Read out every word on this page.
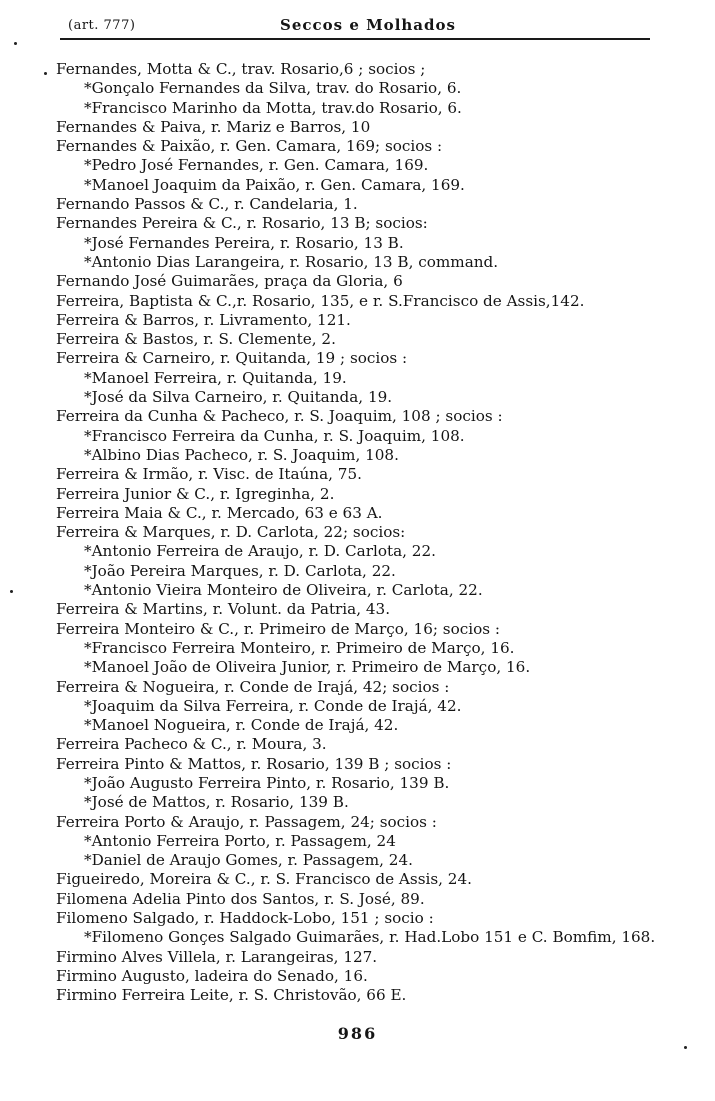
(art. 777)	Seccos e Molhados
Fernandes, Motta & C., trav. Rosario,6 ; socios ;
*Gonçalo Fernandes da Silva, trav. do Rosario, 6.
*Francisco Marinho da Motta, trav.do Rosario, 6.
Fernandes & Paiva, r. Mariz e Barros, 10
Fernandes & Paixão, r. Gen. Camara, 169; socios :
*Pedro José Fernandes, r. Gen. Camara, 169.
*Manoel Joaquim da Paixão, r. Gen. Camara, 169.
Fernando Passos & C., r. Candelaria, 1.
Fernandes Pereira & C., r. Rosario, 13 B; socios:
*José Fernandes Pereira, r. Rosario, 13 B.
*Antonio Dias Larangeira, r. Rosario, 13 B, command.
Fernando José Guimarães, praça da Gloria, 6
Ferreira, Baptista & C.,r. Rosario, 135, e r. S.Francisco de Assis,142.
Ferreira & Barros, r. Livramento, 121.
Ferreira & Bastos, r. S. Clemente, 2.
Ferreira & Carneiro, r. Quitanda, 19 ; socios :
*Manoel Ferreira, r. Quitanda, 19.
*José da Silva Carneiro, r. Quitanda, 19.
Ferreira da Cunha & Pacheco, r. S. Joaquim, 108 ; socios :
*Francisco Ferreira da Cunha, r. S. Joaquim, 108.
*Albino Dias Pacheco, r. S. Joaquim, 108.
Ferreira & Irmão, r. Visc. de Itaúna, 75.
Ferreira Junior & C., r. Igreginha, 2.
Ferreira Maia & C., r. Mercado, 63 e 63 A.
Ferreira & Marques, r. D. Carlota, 22; socios:
*Antonio Ferreira de Araujo, r. D. Carlota, 22.
*João Pereira Marques, r. D. Carlota, 22.
*Antonio Vieira Monteiro de Oliveira, r. Carlota, 22.
Ferreira & Martins, r. Volunt. da Patria, 43.
Ferreira Monteiro & C., r. Primeiro de Março, 16; socios :
*Francisco Ferreira Monteiro, r. Primeiro de Março, 16.
*Manoel João de Oliveira Junior, r. Primeiro de Março, 16.
Ferreira & Nogueira, r. Conde de Irajá, 42; socios :
*Joaquim da Silva Ferreira, r. Conde de Irajá, 42.
*Manoel Nogueira, r. Conde de Irajá, 42.
Ferreira Pacheco & C., r. Moura, 3.
Ferreira Pinto & Mattos, r. Rosario, 139 B ; socios :
*João Augusto Ferreira Pinto, r. Rosario, 139 B.
*José de Mattos, r. Rosario, 139 B.
Ferreira Porto & Araujo, r. Passagem, 24; socios :
*Antonio Ferreira Porto, r. Passagem, 24
*Daniel de Araujo Gomes, r. Passagem, 24.
Figueiredo, Moreira & C., r. S. Francisco de Assis, 24.
Filomena Adelia Pinto dos Santos, r. S. José, 89.
Filomeno Salgado, r. Haddock-Lobo, 151 ; socio :
*Filomeno Gonçes Salgado Guimarães, r. Had.Lobo 151 e C. Bomfim, 168.
Firmino Alves Villela, r. Larangeiras, 127.
Firmino Augusto, ladeira do Senado, 16.
Firmino Ferreira Leite, r. S. Christovão, 66 E.
986
